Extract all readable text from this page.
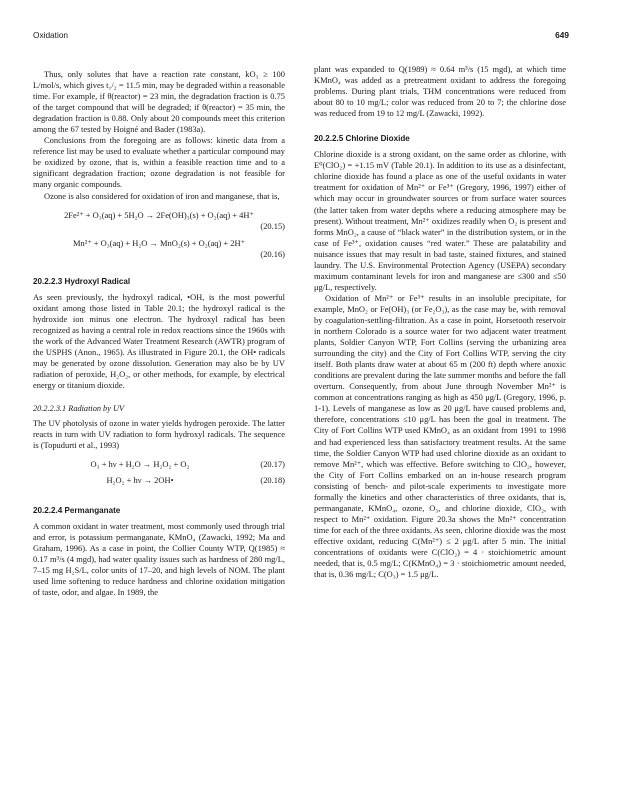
Oxidation	649

Thus, only solutes that have a reaction rate constant, kO₃ ≥ 100 L/mol/s, which gives t₁/₂ = 11.5 min, may be degraded within a reasonable time. For example, if θ(reactor) = 23 min, the degradation fraction is 0.75 of the target compound that will be degraded; if θ(reactor) = 35 min, the degradation fraction is 0.88. Only about 20 compounds meet this criterion among the 67 tested by Hoigné and Bader (1983a).

Conclusions from the foregoing are as follows: kinetic data from a reference list may be used to evaluate whether a particular compound may be oxidized by ozone, that is, within a feasible reaction time and to a significant degradation fraction; ozone degradation is not feasible for many organic compounds.

Ozone is also considered for oxidation of iron and manganese, that is,

2Fe²⁺ + O₃(aq) + 5H₂O → 2Fe(OH)₃(s) + O₂(aq) + 4H⁺
(20.15)
Mn²⁺ + O₃(aq) + H₂O → MnO₂(s) + O₂(aq) + 2H⁺
(20.16)
20.2.2.3 Hydroxyl Radical

As seen previously, the hydroxyl radical, •OH, is the most powerful oxidant among those listed in Table 20.1; the hydroxyl radical is the hydroxide ion minus one electron. The hydroxyl radical has been recognized as having a central role in redox reactions since the 1960s with the work of the Advanced Water Treatment Research (AWTR) program of the USPHS (Anon., 1965). As illustrated in Figure 20.1, the OH• radicals may be generated by ozone dissolution. Generation may also be by UV radiation of peroxide, H₂O₂, or other methods, for example, by electrical energy or titanium dioxide.

20.2.2.3.1 Radiation by UV

The UV photolysis of ozone in water yields hydrogen peroxide. The latter reacts in turn with UV radiation to form hydroxyl radicals. The sequence is (Topudurti et al., 1993)

O₃ + hν + H₂O → H₂O₂ + O₂	(20.17)
H₂O₂ + hν → 2OH•	(20.18)
20.2.2.4 Permanganate

A common oxidant in water treatment, most commonly used through trial and error, is potassium permanganate, KMnO₄ (Zawacki, 1992; Ma and Graham, 1996). As a case in point, the Collier County WTP, Q(1985) ≈ 0.17 m³/s (4 mgd), had water quality issues such as hardness of 280 mg/L, 7–15 mg H₂S/L, color units of 17–20, and high levels of NOM. The plant used lime softening to reduce hardness and chlorine oxidation mitigation of taste, odor, and algae. In 1989, the

plant was expanded to Q(1989) ≈ 0.64 m³/s (15 mgd), at which time KMnO₄ was added as a pretreatment oxidant to address the foregoing problems. During plant trials, THM concentrations were reduced from about 80 to 10 mg/L; color was reduced from 20 to 7; the chlorine dose was reduced from 19 to 12 mg/L (Zawacki, 1992).

20.2.2.5 Chlorine Dioxide

Chlorine dioxide is a strong oxidant, on the same order as chlorine, with E⁰(ClO₂) = +1.15 mV (Table 20.1). In addition to its use as a disinfectant, chlorine dioxide has found a place as one of the useful oxidants in water treatment for oxidation of Mn²⁺ or Fe³⁺ (Gregory, 1996, 1997) either of which may occur in groundwater sources or from surface water sources (the latter taken from water depths where a reducing atmosphere may be present). Without treatment, Mn²⁺ oxidizes readily when O₂ is present and forms MnO₂, a cause of “black water” in the distribution system, or in the case of Fe³⁺, oxidation causes “red water.” These are palatability and nuisance issues that may result in bad taste, stained fixtures, and stained laundry. The U.S. Environmental Protection Agency (USEPA) secondary maximum contaminant levels for iron and manganese are ≤300 and ≤50 μg/L, respectively.

Oxidation of Mn²⁺ or Fe³⁺ results in an insoluble precipitate, for example, MnO₂ or Fe(OH)₃ (or Fe₂O₃), as the case may be, with removal by coagulation-settling-filtration. As a case in point, Horsetooth reservoir in northern Colorado is a source water for two adjacent water treatment plants, Soldier Canyon WTP, Fort Collins (serving the urbanizing area surrounding the city) and the City of Fort Collins WTP, serving the city itself. Both plants draw water at about 65 m (200 ft) depth where anoxic conditions are prevalent during the late summer months and before the fall overturn. Consequently, from about June through November Mn²⁺ is common at concentrations ranging as high as 450 μg/L (Gregory, 1996, p. 1-1). Levels of manganese as low as 20 μg/L have caused problems and, therefore, concentrations ≤10 μg/L has been the goal in treatment. The City of Fort Collins WTP used KMnO₄ as an oxidant from 1991 to 1998 and had experienced less than satisfactory treatment results. At the same time, the Soldier Canyon WTP had used chlorine dioxide as an oxidant to remove Mn²⁺, which was effective. Before switching to ClO₂, however, the City of Fort Collins embarked on an in-house research program consisting of bench- and pilot-scale experiments to investigate more formally the kinetics and other characteristics of three oxidants, that is, permanganate, KMnO₄, ozone, O₃, and chlorine dioxide, ClO₂, with respect to Mn²⁺ oxidation. Figure 20.3a shows the Mn²⁺ concentration time for each of the three oxidants. As seen, chlorine dioxide was the most effective oxidant, reducing C(Mn²⁺) ≤ 2 μg/L after 5 min. The initial concentrations of oxidants were C(ClO₂) = 4 · stoichiometric amount needed, that is, 0.5 mg/L; C(KMnO₄) = 3 · stoichiometric amount needed, that is, 0.36 mg/L; C(O₃) = 1.5 μg/L.
